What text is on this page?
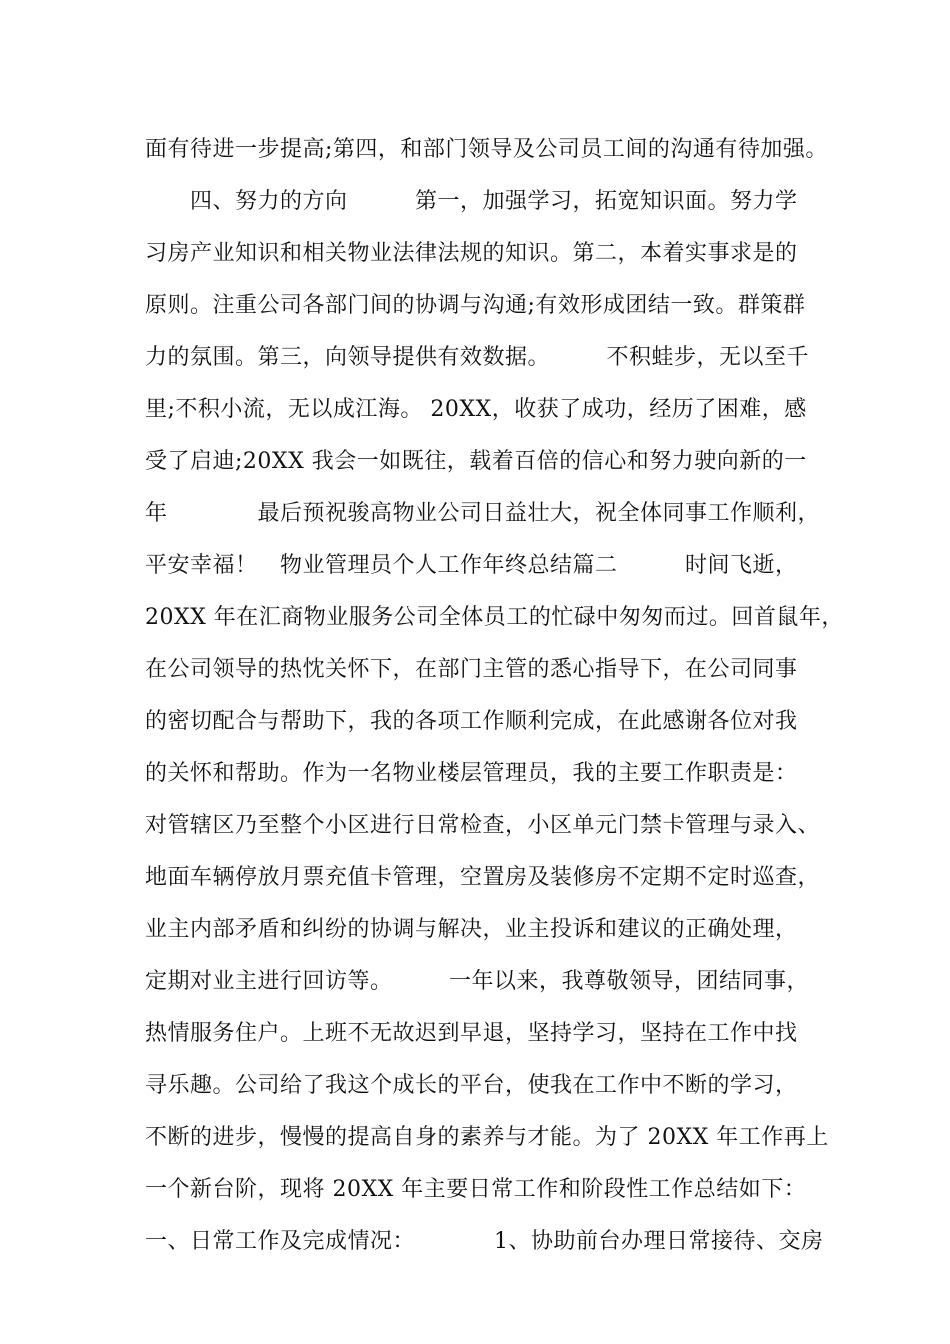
面有待进一步提高;第四，和部门领导及公司员工间的沟通有待加强。
　　四、努力的方向　　　第一，加强学习，拓宽知识面。努力学
习房产业知识和相关物业法律法规的知识。第二，本着实事求是的
原则。注重公司各部门间的协调与沟通;有效形成团结一致。群策群
力的氛围。第三，向领导提供有效数据。　　　不积蛙步，无以至千
里;不积小流，无以成江海。 20XX，收获了成功，经历了困难，感
受了启迪;20XX 我会一如既往，载着百倍的信心和努力驶向新的一
年　　　　最后预祝骏高物业公司日益壮大，祝全体同事工作顺利，
平安幸福！　物业管理员个人工作年终总结篇二　　　时间飞逝，
20XX 年在汇商物业服务公司全体员工的忙碌中匆匆而过。回首鼠年，
在公司领导的热忱关怀下，在部门主管的悉心指导下，在公司同事
的密切配合与帮助下，我的各项工作顺利完成，在此感谢各位对我
的关怀和帮助。作为一名物业楼层管理员，我的主要工作职责是：
对管辖区乃至整个小区进行日常检查，小区单元门禁卡管理与录入、
地面车辆停放月票充值卡管理，空置房及装修房不定期不定时巡查，
业主内部矛盾和纠纷的协调与解决，业主投诉和建议的正确处理，
定期对业主进行回访等。　　　一年以来，我尊敬领导，团结同事，
热情服务住户。上班不无故迟到早退，坚持学习，坚持在工作中找
寻乐趣。公司给了我这个成长的平台，使我在工作中不断的学习，
不断的进步，慢慢的提高自身的素养与才能。为了 20XX 年工作再上
一个新台阶，现将 20XX 年主要日常工作和阶段性工作总结如下：
一、日常工作及完成情况：　　　　1、协助前台办理日常接待、交房
